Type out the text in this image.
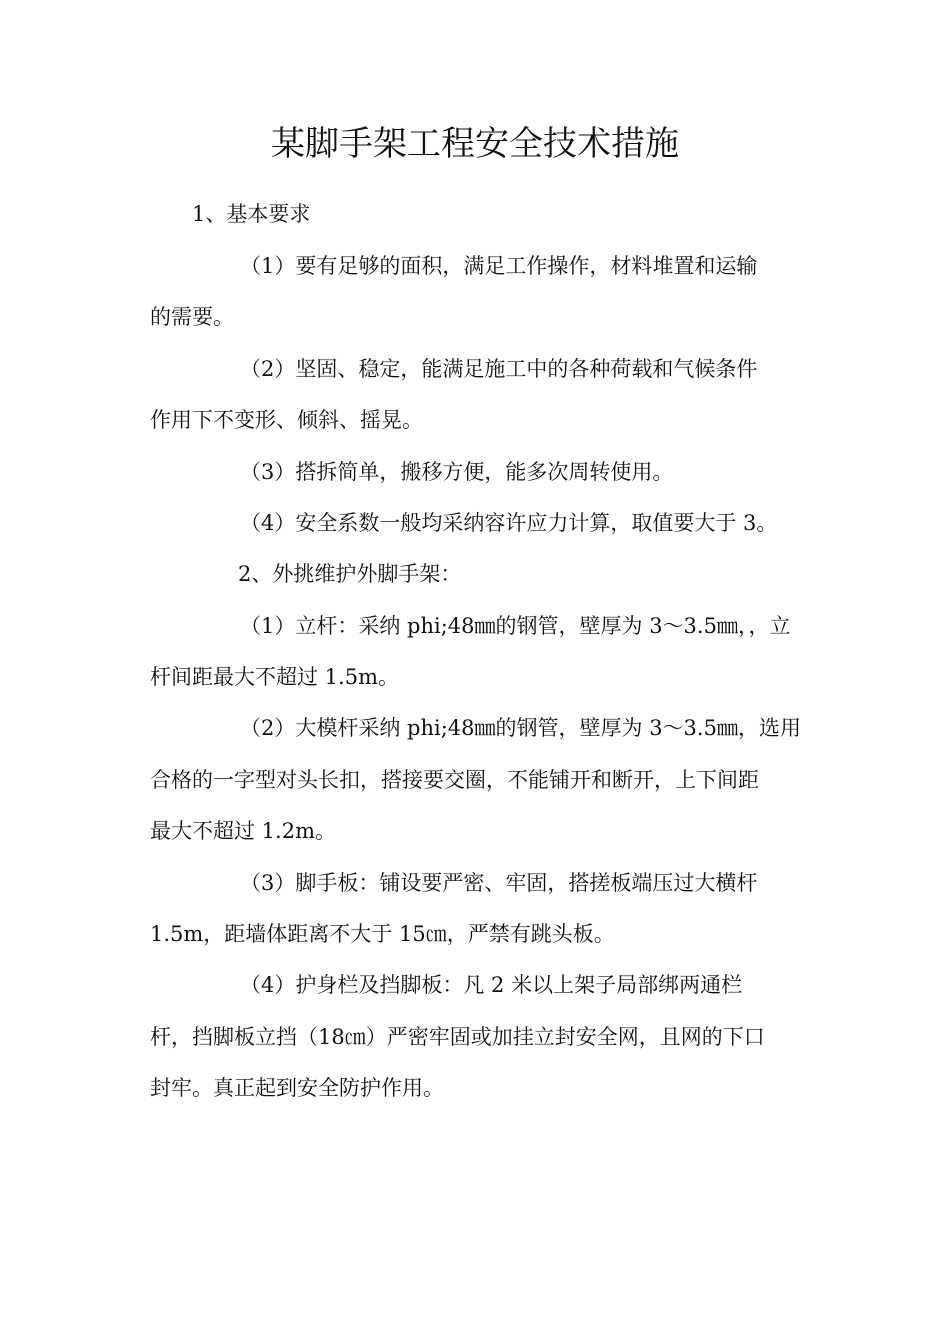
某脚手架工程安全技术措施
1、基本要求
（1）要有足够的面积，满足工作操作，材料堆置和运输
的需要。
（2）坚固、稳定，能满足施工中的各种荷载和气候条件
作用下不变形、倾斜、摇晃。
（3）搭拆简单，搬移方便，能多次周转使用。
（4）安全系数一般均采纳容许应力计算，取值要大于 3。
2、外挑维护外脚手架：
（1）立杆：采纳 phi;48㎜的钢管，壁厚为 3～3.5㎜，，立
杆间距最大不超过 1.5m。
（2）大模杆采纳 phi;48㎜的钢管，壁厚为 3～3.5㎜，选用
合格的一字型对头长扣，搭接要交圈，不能铺开和断开，上下间距
最大不超过 1.2m。
（3）脚手板：铺设要严密、牢固，搭搓板端压过大横杆
1.5m，距墙体距离不大于 15㎝，严禁有跳头板。
（4）护身栏及挡脚板：凡 2 米以上架子局部绑两通栏
杆，挡脚板立挡（18㎝）严密牢固或加挂立封安全网，且网的下口
封牢。真正起到安全防护作用。
